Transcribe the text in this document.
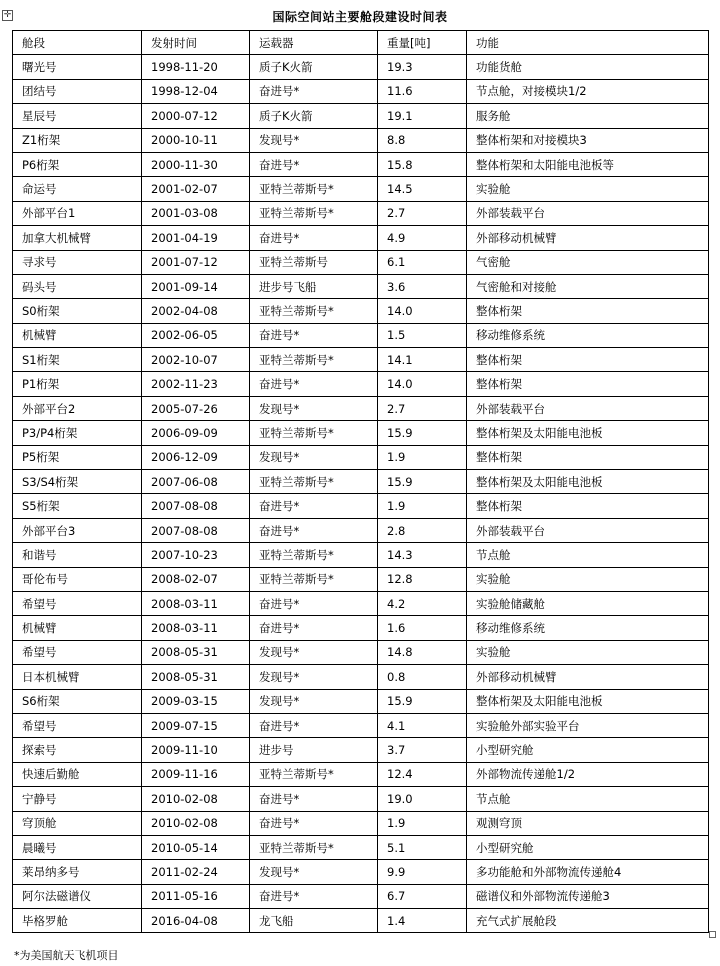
✛	国际空间站主要舱段建设时间表
舱段	发射时间	运载器	重量[吨]	功能
曙光号	1998-11-20	质子K火箭	19.3	功能货舱
团结号	1998-12-04	奋进号*	11.6	节点舱，对接模块1/2
星辰号	2000-07-12	质子K火箭	19.1	服务舱
Z1桁架	2000-10-11	发现号*	8.8	整体桁架和对接模块3
P6桁架	2000-11-30	奋进号*	15.8	整体桁架和太阳能电池板等
命运号	2001-02-07	亚特兰蒂斯号*	14.5	实验舱
外部平台1	2001-03-08	亚特兰蒂斯号*	2.7	外部装载平台
加拿大机械臂	2001-04-19	奋进号*	4.9	外部移动机械臂
寻求号	2001-07-12	亚特兰蒂斯号	6.1	气密舱
码头号	2001-09-14	进步号飞船	3.6	气密舱和对接舱
S0桁架	2002-04-08	亚特兰蒂斯号*	14.0	整体桁架
机械臂	2002-06-05	奋进号*	1.5	移动维修系统
S1桁架	2002-10-07	亚特兰蒂斯号*	14.1	整体桁架
P1桁架	2002-11-23	奋进号*	14.0	整体桁架
外部平台2	2005-07-26	发现号*	2.7	外部装载平台
P3/P4桁架	2006-09-09	亚特兰蒂斯号*	15.9	整体桁架及太阳能电池板
P5桁架	2006-12-09	发现号*	1.9	整体桁架
S3/S4桁架	2007-06-08	亚特兰蒂斯号*	15.9	整体桁架及太阳能电池板
S5桁架	2007-08-08	奋进号*	1.9	整体桁架
外部平台3	2007-08-08	奋进号*	2.8	外部装载平台
和谐号	2007-10-23	亚特兰蒂斯号*	14.3	节点舱
哥伦布号	2008-02-07	亚特兰蒂斯号*	12.8	实验舱
希望号	2008-03-11	奋进号*	4.2	实验舱储藏舱
机械臂	2008-03-11	奋进号*	1.6	移动维修系统
希望号	2008-05-31	发现号*	14.8	实验舱
日本机械臂	2008-05-31	发现号*	0.8	外部移动机械臂
S6桁架	2009-03-15	发现号*	15.9	整体桁架及太阳能电池板
希望号	2009-07-15	奋进号*	4.1	实验舱外部实验平台
探索号	2009-11-10	进步号	3.7	小型研究舱
快速后勤舱	2009-11-16	亚特兰蒂斯号*	12.4	外部物流传递舱1/2
宁静号	2010-02-08	奋进号*	19.0	节点舱
穹顶舱	2010-02-08	奋进号*	1.9	观测穹顶
晨曦号	2010-05-14	亚特兰蒂斯号*	5.1	小型研究舱
莱昂纳多号	2011-02-24	发现号*	9.9	多功能舱和外部物流传递舱4
阿尔法磁谱仪	2011-05-16	奋进号*	6.7	磁谱仪和外部物流传递舱3
毕格罗舱	2016-04-08	龙飞船	1.4	充气式扩展舱段
*为美国航天飞机项目
